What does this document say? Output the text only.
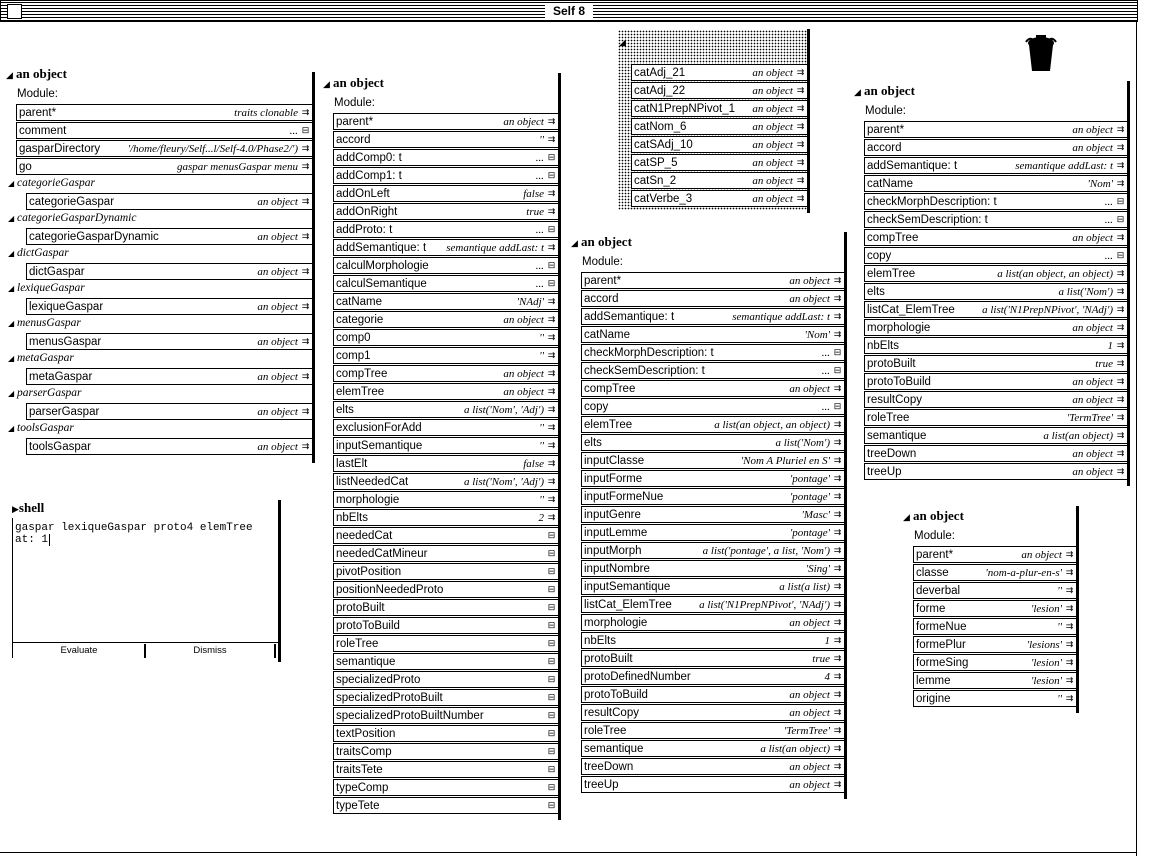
Self 8
◢ an object
Module:
parent*	traits clonable ⇉
comment	... ⊟
gasparDirectory	'/home/fleury/Self...l/Self-4.0/Phase2/') ⇉
go	gaspar menusGaspar menu ⇉
◢ categorieGaspar
categorieGaspar	an object ⇉
◢ categorieGasparDynamic
categorieGasparDynamic	an object ⇉
◢ dictGaspar
dictGaspar	an object ⇉
◢ lexiqueGaspar
lexiqueGaspar	an object ⇉
◢ menusGaspar
menusGaspar	an object ⇉
◢ metaGaspar
metaGaspar	an object ⇉
◢ parserGaspar
parserGaspar	an object ⇉
◢ toolsGaspar
toolsGaspar	an object ⇉
◢ an object
Module:
parent*	an object ⇉
accord	'' ⇉
addComp0: t	... ⊟
addComp1: t	... ⊟
addOnLeft	false ⇉
addOnRight	true ⇉
addProto: t	... ⊟
addSemantique: t	semantique addLast: t ⇉
calculMorphologie	... ⊟
calculSemantique	... ⊟
catName	'NAdj' ⇉
categorie	an object ⇉
comp0	'' ⇉
comp1	'' ⇉
compTree	an object ⇉
elemTree	an object ⇉
elts	a list('Nom', 'Adj') ⇉
exclusionForAdd	'' ⇉
inputSemantique	'' ⇉
lastElt	false ⇉
listNeededCat	a list('Nom', 'Adj') ⇉
morphologie	'' ⇉
nbElts	2 ⇉
neededCat	⊟
neededCatMineur	⊟
pivotPosition	⊟
positionNeededProto	⊟
protoBuilt	⊟
protoToBuild	⊟
roleTree	⊟
semantique	⊟
specializedProto	⊟
specializedProtoBuilt	⊟
specializedProtoBuiltNumber	⊟
textPosition	⊟
traitsComp	⊟
traitsTete	⊟
typeComp	⊟
typeTete	⊟
◢
catAdj_21	an object ⇉
catAdj_22	an object ⇉
catN1PrepNPivot_1	an object ⇉
catNom_6	an object ⇉
catSAdj_10	an object ⇉
catSP_5	an object ⇉
catSn_2	an object ⇉
catVerbe_3	an object ⇉
◢ an object
Module:
parent*	an object ⇉
accord	an object ⇉
addSemantique: t	semantique addLast: t ⇉
catName	'Nom' ⇉
checkMorphDescription: t	... ⊟
checkSemDescription: t	... ⊟
compTree	an object ⇉
copy	... ⊟
elemTree	a list(an object, an object) ⇉
elts	a list('Nom') ⇉
inputClasse	'Nom A Pluriel en S' ⇉
inputForme	'pontage' ⇉
inputFormeNue	'pontage' ⇉
inputGenre	'Masc' ⇉
inputLemme	'pontage' ⇉
inputMorph	a list('pontage', a list, 'Nom') ⇉
inputNombre	'Sing' ⇉
inputSemantique	a list(a list) ⇉
listCat_ElemTree	a list('N1PrepNPivot', 'NAdj') ⇉
morphologie	an object ⇉
nbElts	1 ⇉
protoBuilt	true ⇉
protoDefinedNumber	4 ⇉
protoToBuild	an object ⇉
resultCopy	an object ⇉
roleTree	'TermTree' ⇉
semantique	a list(an object) ⇉
treeDown	an object ⇉
treeUp	an object ⇉
◢ an object
Module:
parent*	an object ⇉
accord	an object ⇉
addSemantique: t	semantique addLast: t ⇉
catName	'Nom' ⇉
checkMorphDescription: t	... ⊟
checkSemDescription: t	... ⊟
compTree	an object ⇉
copy	... ⊟
elemTree	a list(an object, an object) ⇉
elts	a list('Nom') ⇉
listCat_ElemTree	a list('N1PrepNPivot', 'NAdj') ⇉
morphologie	an object ⇉
nbElts	1 ⇉
protoBuilt	true ⇉
protoToBuild	an object ⇉
resultCopy	an object ⇉
roleTree	'TermTree' ⇉
semantique	a list(an object) ⇉
treeDown	an object ⇉
treeUp	an object ⇉
◢ an object
Module:
parent*	an object ⇉
classe	'nom-a-plur-en-s' ⇉
deverbal	'' ⇉
forme	'lesion' ⇉
formeNue	'' ⇉
formePlur	'lesions' ⇉
formeSing	'lesion' ⇉
lemme	'lesion' ⇉
origine	'' ⇉
▶shell
gaspar lexiqueGaspar proto4 elemTree at: 1
Evaluate	Dismiss
